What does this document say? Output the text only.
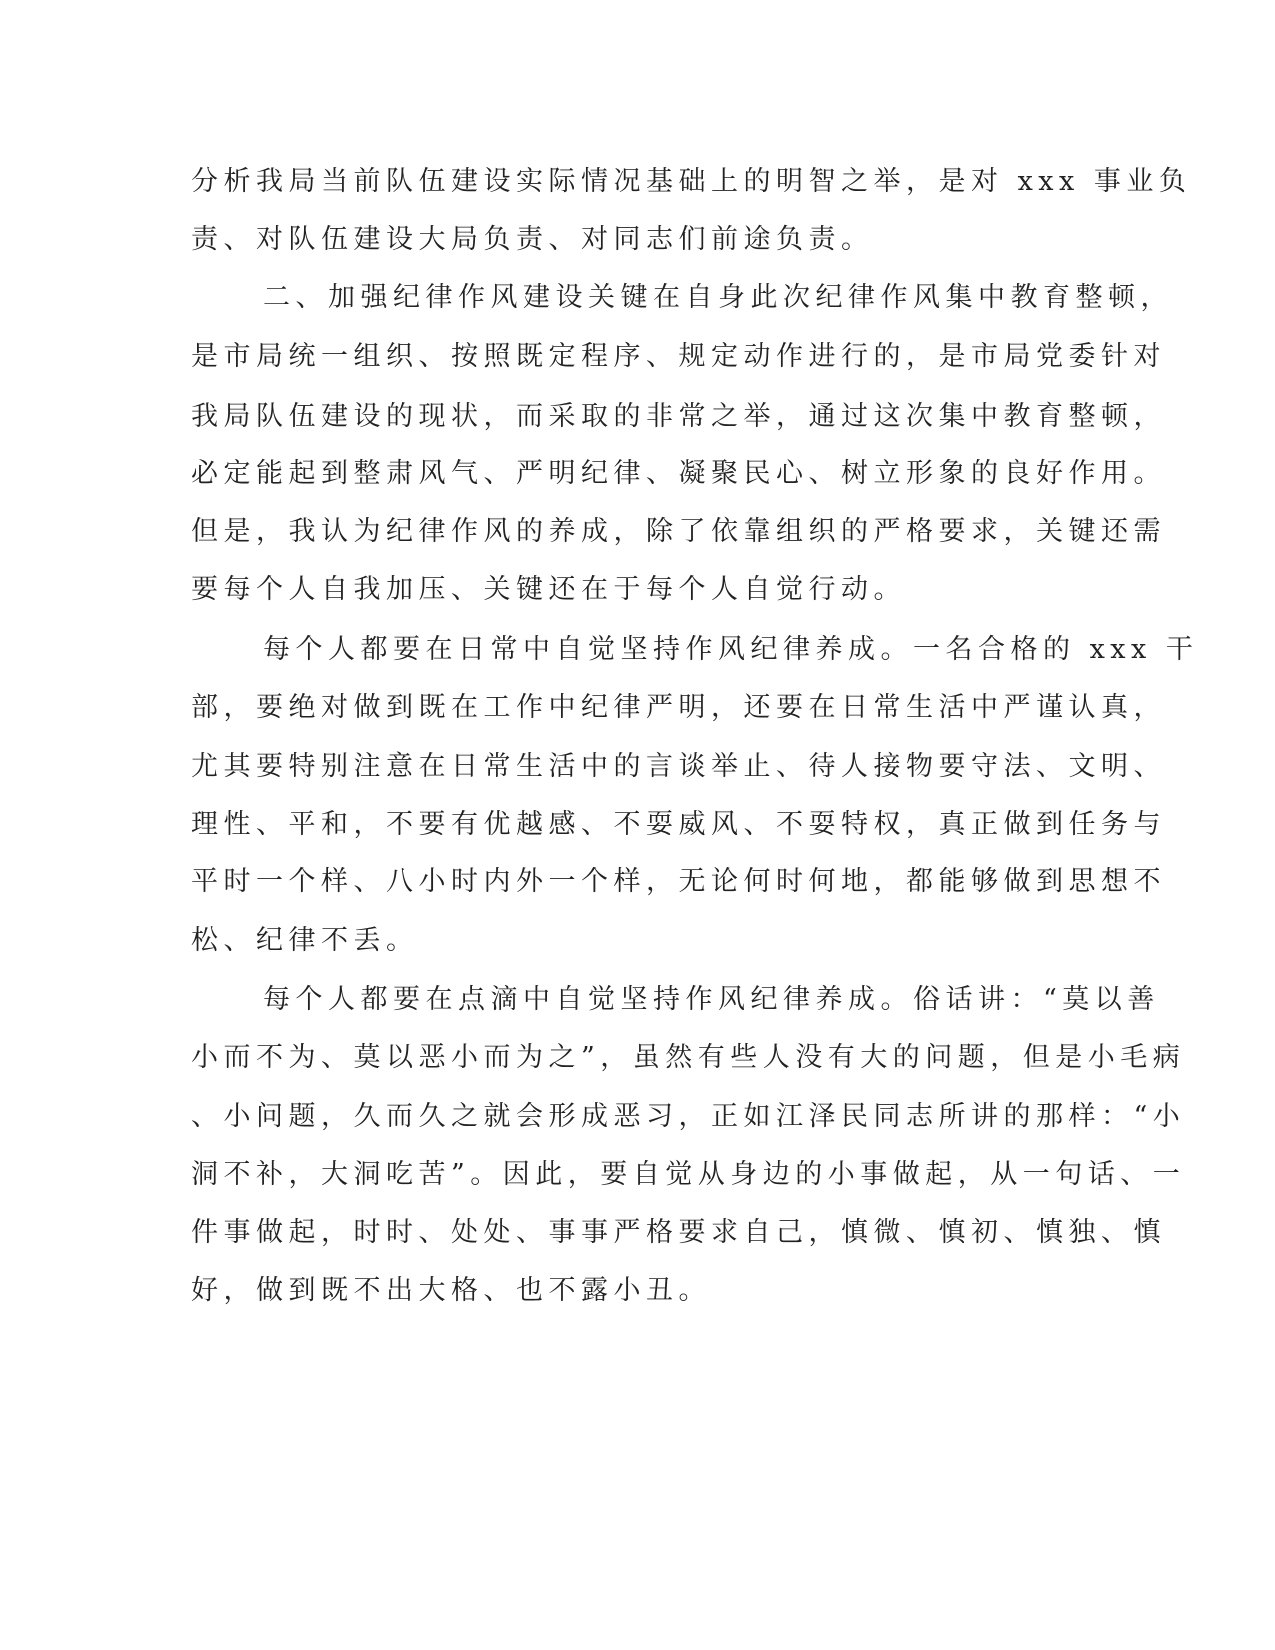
分析我局当前队伍建设实际情况基础上的明智之举，是对 xxx 事业负

责、对队伍建设大局负责、对同志们前途负责。

二、加强纪律作风建设关键在自身此次纪律作风集中教育整顿，

是市局统一组织、按照既定程序、规定动作进行的，是市局党委针对

我局队伍建设的现状，而采取的非常之举，通过这次集中教育整顿，

必定能起到整肃风气、严明纪律、凝聚民心、树立形象的良好作用。

但是，我认为纪律作风的养成，除了依靠组织的严格要求，关键还需

要每个人自我加压、关键还在于每个人自觉行动。

每个人都要在日常中自觉坚持作风纪律养成。一名合格的 xxx 干

部，要绝对做到既在工作中纪律严明，还要在日常生活中严谨认真，

尤其要特别注意在日常生活中的言谈举止、待人接物要守法、文明、

理性、平和，不要有优越感、不耍威风、不耍特权，真正做到任务与

平时一个样、八小时内外一个样，无论何时何地，都能够做到思想不

松、纪律不丢。

每个人都要在点滴中自觉坚持作风纪律养成。俗话讲：“莫以善

小而不为、莫以恶小而为之”，虽然有些人没有大的问题，但是小毛病

、小问题，久而久之就会形成恶习，正如江泽民同志所讲的那样：“小

洞不补，大洞吃苦”。因此，要自觉从身边的小事做起，从一句话、一

件事做起，时时、处处、事事严格要求自己，慎微、慎初、慎独、慎

好，做到既不出大格、也不露小丑。
